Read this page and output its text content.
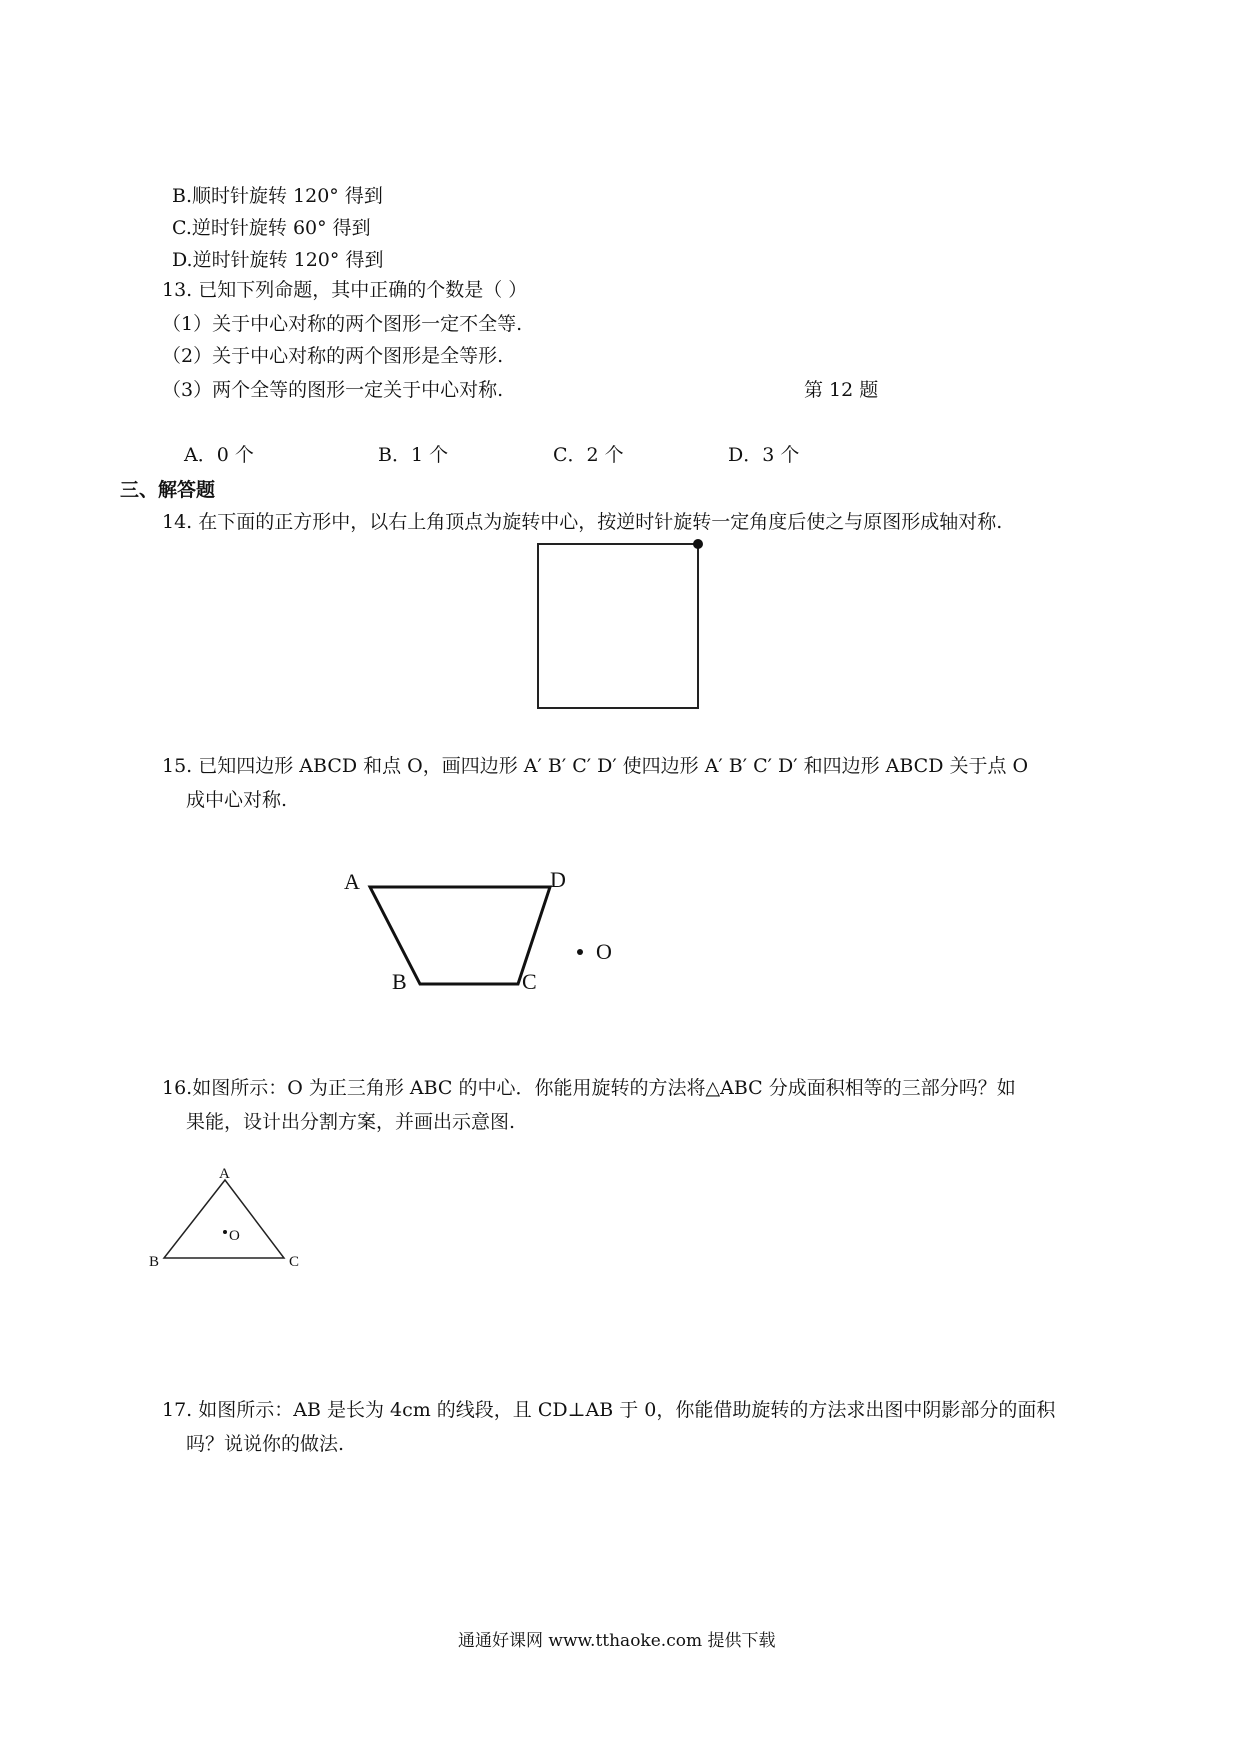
B.顺时针旋转 120° 得到
C.逆时针旋转 60° 得到
D.逆时针旋转 120° 得到
13. 已知下列命题，其中正确的个数是（ ）
（1）关于中心对称的两个图形一定不全等.
（2）关于中心对称的两个图形是全等形.
（3）两个全等的图形一定关于中心对称.	第 12 题
A．0 个	B．1 个	C．2 个	D．3 个
三、解答题
14. 在下面的正方形中，以右上角顶点为旋转中心，按逆时针旋转一定角度后使之与原图形成轴对称.
15. 已知四边形 ABCD 和点 O，画四边形 A′ B′ C′ D′ 使四边形 A′ B′ C′ D′ 和四边形 ABCD 关于点 O
成中心对称.
A	D
B	C
O
16.如图所示：O 为正三角形 ABC 的中心．你能用旋转的方法将△ABC 分成面积相等的三部分吗？如
果能，设计出分割方案，并画出示意图.
A
B	C
O
17. 如图所示：AB 是长为 4cm 的线段，且 CD⊥AB 于 0，你能借助旋转的方法求出图中阴影部分的面积
吗？说说你的做法.
通通好课网 www.tthaoke.com 提供下载
